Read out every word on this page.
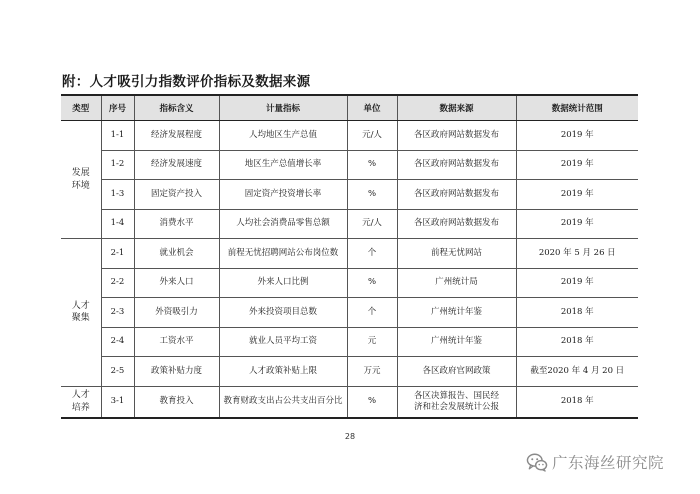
附：人才吸引力指数评价指标及数据来源
类型	序号	指标含义	计量指标	单位	数据来源	数据统计范围
发展环境	1-1	经济发展程度	人均地区生产总值	元/人	各区政府网站数据发布	2019 年
	1-2	经济发展速度	地区生产总值增长率	%	各区政府网站数据发布	2019 年
	1-3	固定资产投入	固定资产投资增长率	%	各区政府网站数据发布	2019 年
	1-4	消费水平	人均社会消费品零售总额	元/人	各区政府网站数据发布	2019 年
人才聚集	2-1	就业机会	前程无忧招聘网站公布岗位数	个	前程无忧网站	2020 年 5 月 26 日
	2-2	外来人口	外来人口比例	%	广州统计局	2019 年
	2-3	外资吸引力	外来投资项目总数	个	广州统计年鉴	2018 年
	2-4	工资水平	就业人员平均工资	元	广州统计年鉴	2018 年
	2-5	政策补贴力度	人才政策补贴上限	万元	各区政府官网政策	截至2020 年 4 月 20 日
人才培养	3-1	教育投入	教育财政支出占公共支出百分比	%	各区决算报告、国民经济和社会发展统计公报	2018 年
28
广东海丝研究院
